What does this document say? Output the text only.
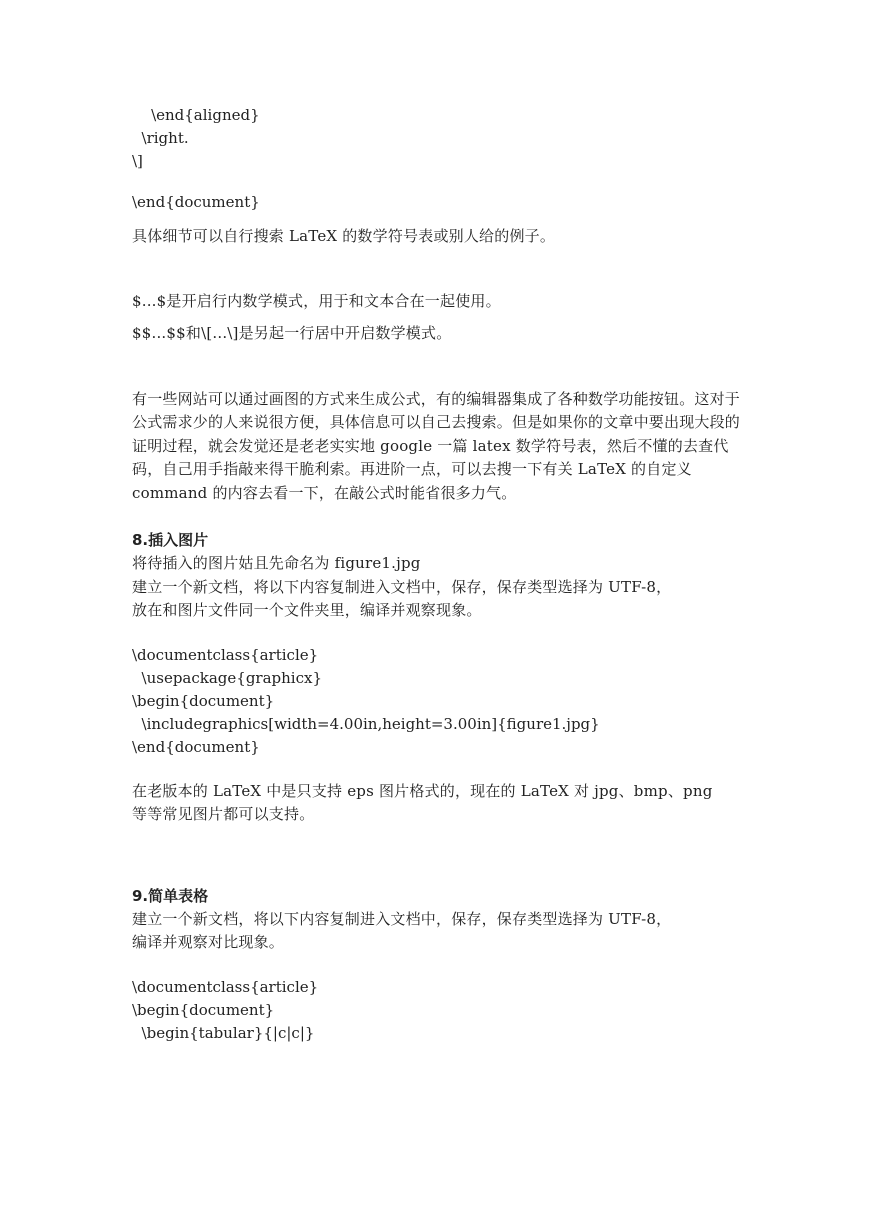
\end{aligned}

\right.

\]

\end{document}

具体细节可以自行搜索 LaTeX 的数学符号表或别人给的例子。

$...$是开启行内数学模式，用于和文本合在一起使用。

$$...$$和\[...\]是另起一行居中开启数学模式。

有一些网站可以通过画图的方式来生成公式，有的编辑器集成了各种数学功能按钮。这对于公式需求少的人来说很方便，具体信息可以自己去搜索。但是如果你的文章中要出现大段的证明过程，就会发觉还是老老实实地 google 一篇 latex 数学符号表，然后不懂的去查代码，自己用手指敲来得干脆利索。再进阶一点，可以去搜一下有关 LaTeX 的自定义 command 的内容去看一下，在敲公式时能省很多力气。

8.插入图片

将待插入的图片姑且先命名为 figure1.jpg

建立一个新文档，将以下内容复制进入文档中，保存，保存类型选择为 UTF-8，

放在和图片文件同一个文件夹里，编译并观察现象。

\documentclass{article}

\usepackage{graphicx}

\begin{document}

\includegraphics[width=4.00in,height=3.00in]{figure1.jpg}

\end{document}

在老版本的 LaTeX 中是只支持 eps 图片格式的，现在的 LaTeX 对 jpg、bmp、png

等等常见图片都可以支持。

9.简单表格

建立一个新文档，将以下内容复制进入文档中，保存，保存类型选择为 UTF-8，

编译并观察对比现象。

\documentclass{article}

\begin{document}

\begin{tabular}{|c|c|}
